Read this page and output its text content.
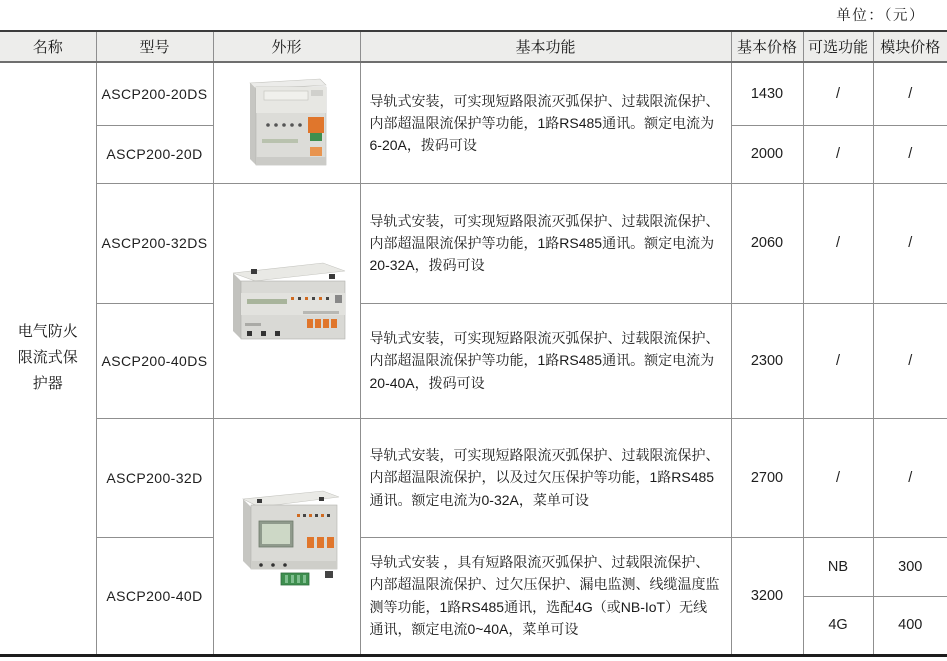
单位：（元）
名称	型号	外形	基本功能	基本价格	可选功能	模块价格
电气防火限流式保护器	ASCP200-20DS		导轨式安装，可实现短路限流灭弧保护、过载限流保护、内部超温限流保护等功能，1路RS485通讯。额定电流为6-20A，拨码可设	1430	/	/
	ASCP200-20D			2000	/	/
	ASCP200-32DS		导轨式安装，可实现短路限流灭弧保护、过载限流保护、内部超温限流保护等功能，1路RS485通讯。额定电流为20-32A，拨码可设	2060	/	/
	ASCP200-40DS		导轨式安装，可实现短路限流灭弧保护、过载限流保护、内部超温限流保护等功能，1路RS485通讯。额定电流为20-40A，拨码可设	2300	/	/
	ASCP200-32D		导轨式安装，可实现短路限流灭弧保护、过载限流保护、内部超温限流保护，以及过欠压保护等功能，1路RS485通讯。额定电流为0-32A，菜单可设	2700	/	/
	ASCP200-40D		导轨式安装 ，具有短路限流灭弧保护、过载限流保护、内部超温限流保护、过欠压保护、漏电监测、线缆温度监测等功能，1路RS485通讯，选配4G（或NB-IoT）无线通讯，额定电流0~40A，菜单可设	3200	NB	300
					4G	400
